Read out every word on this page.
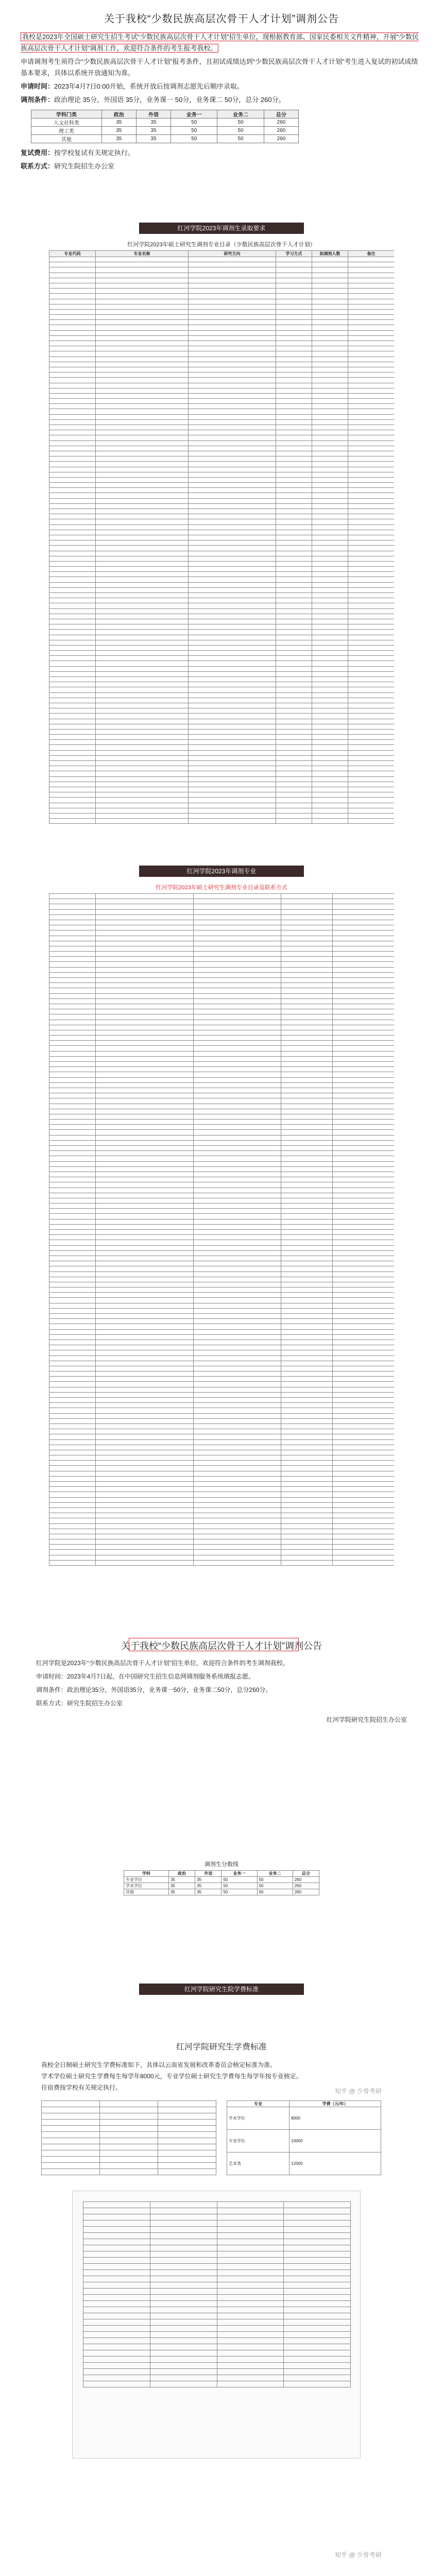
关于我校“少数民族高层次骨干人才计划”调剂公告

我校是2023年全国硕士研究生招生考试“少数民族高层次骨干人才计划”招生单位，现根据教育部、国家民委相关文件精神，开展“少数民族高层次骨干人才计划”调剂工作，欢迎符合条件的考生报考我校。

申请调剂考生须符合“少数民族高层次骨干人才计划”报考条件，且初试成绩达到“少数民族高层次骨干人才计划”考生进入复试的初试成绩基本要求，具体以系统开放通知为准。

申请时间：2023年4月7日0:00开始，系统开放后按调剂志愿先后顺序录取。

调剂条件：政治理论 35分，外国语 35分，业务课一 50分，业务课二 50分，总分 260分。

学科门类	政治	外语	业务一	业务二	总分
人文社科类	35	35	50	50	260
理工类	35	35	50	50	260
其他	35	35	50	50	260

复试费用：按学校复试有关规定执行。

联系方式：研究生院招生办公室

红河学院2023年调剂生录取要求
红河学院2023年硕士研究生调剂专业目录（少数民族高层次骨干人才计划）
专业代码	专业名称	研究方向	学习方式	拟调剂人数	备注

红河学院2023年调剂专业
红河学院2023年硕士研究生调剂专业目录及联系方式

关于我校“少数民族高层次骨干人才计划”调剂公告

红河学院是2023年“少数民族高层次骨干人才计划”招生单位，欢迎符合条件的考生调剂我校。

申请时间：2023年4月7日起，在中国研究生招生信息网调剂服务系统填报志愿。

调剂条件：政治理论35分，外国语35分，业务课一50分，业务课二50分，总分260分。

联系方式：研究生院招生办公室

红河学院研究生院招生办公室

调剂生分数线
学科	政治	外语	业务一	业务二	总分
专业学位	35	35	50	50	260
学术学位	35	35	50	50	260
其他	35	35	50	50	260
红河学院研究生院学费标准
红河学院研究生学费标准

我校全日制硕士研究生学费标准如下，具体以云南省发展和改革委员会核定标准为准。

学术学位硕士研究生学费每生每学年8000元，专业学位硕士研究生学费每生每学年按专业核定。

住宿费按学校有关规定执行。

专业	学费（元/年）
学术学位	8000
专业学位	10000
艺术类	12000

知乎 @ 少骨考研
知乎 @ 少骨考研
